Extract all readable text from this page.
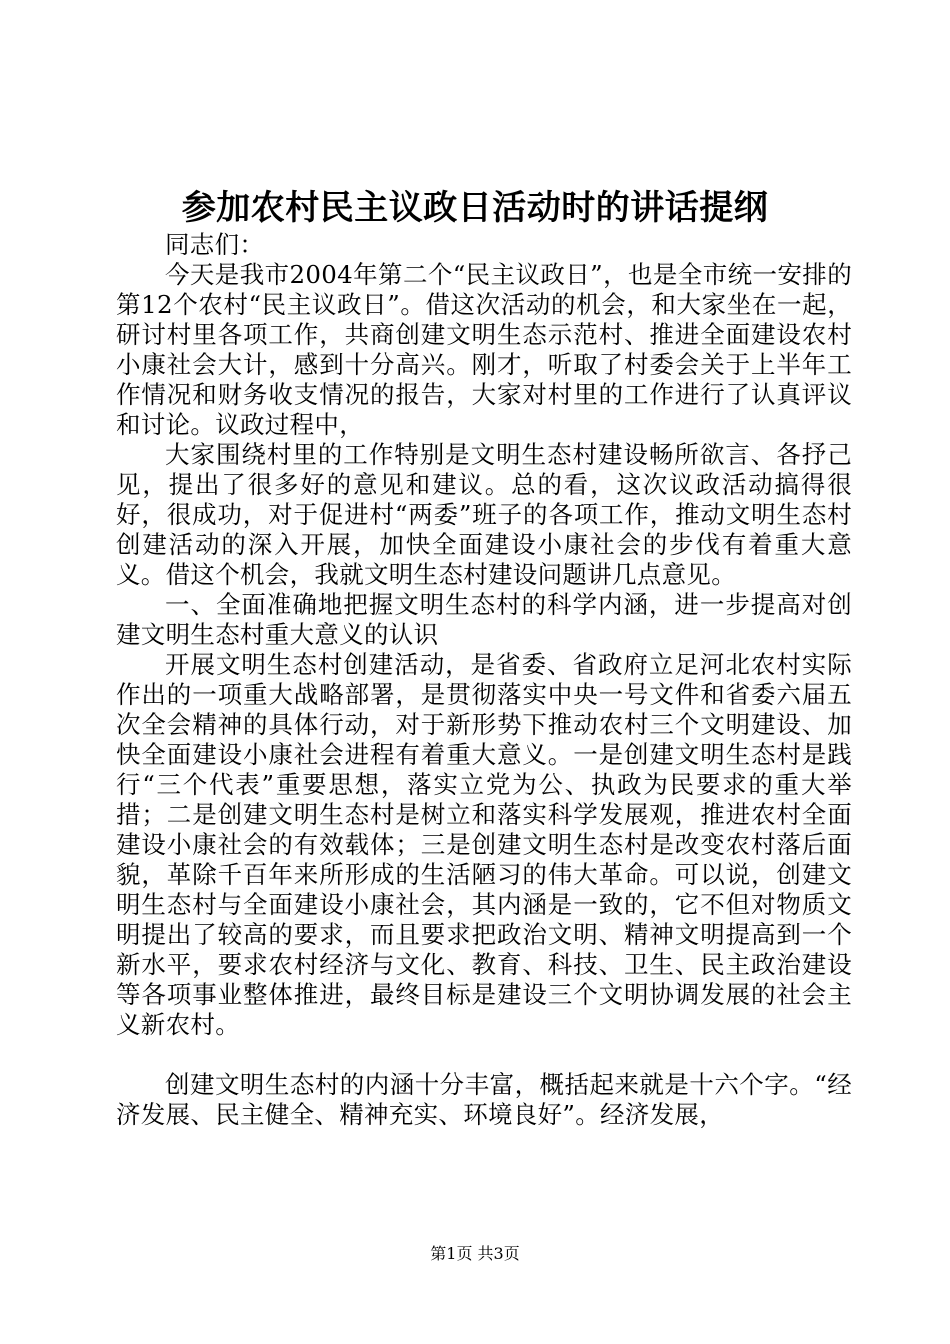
参加农村民主议政日活动时的讲话提纲

同志们：

今天是我市2004年第二个“民主议政日”，也是全市统一安排的第12个农村“民主议政日”。借这次活动的机会，和大家坐在一起，研讨村里各项工作，共商创建文明生态示范村、推进全面建设农村小康社会大计，感到十分高兴。刚才，听取了村委会关于上半年工作情况和财务收支情况的报告，大家对村里的工作进行了认真评议和讨论。议政过程中，

大家围绕村里的工作特别是文明生态村建设畅所欲言、各抒己见，提出了很多好的意见和建议。总的看，这次议政活动搞得很好，很成功，对于促进村“两委”班子的各项工作，推动文明生态村创建活动的深入开展，加快全面建设小康社会的步伐有着重大意义。借这个机会，我就文明生态村建设问题讲几点意见。

一、全面准确地把握文明生态村的科学内涵，进一步提高对创建文明生态村重大意义的认识

开展文明生态村创建活动，是省委、省政府立足河北农村实际作出的一项重大战略部署，是贯彻落实中央一号文件和省委六届五次全会精神的具体行动，对于新形势下推动农村三个文明建设、加快全面建设小康社会进程有着重大意义。一是创建文明生态村是践行“三个代表”重要思想，落实立党为公、执政为民要求的重大举措；二是创建文明生态村是树立和落实科学发展观，推进农村全面建设小康社会的有效载体；三是创建文明生态村是改变农村落后面貌，革除千百年来所形成的生活陋习的伟大革命。可以说，创建文明生态村与全面建设小康社会，其内涵是一致的，它不但对物质文明提出了较高的要求，而且要求把政治文明、精神文明提高到一个新水平，要求农村经济与文化、教育、科技、卫生、民主政治建设等各项事业整体推进，最终目标是建设三个文明协调发展的社会主义新农村。

创建文明生态村的内涵十分丰富，概括起来就是十六个字。“经济发展、民主健全、精神充实、环境良好”。经济发展，

第1页 共3页
